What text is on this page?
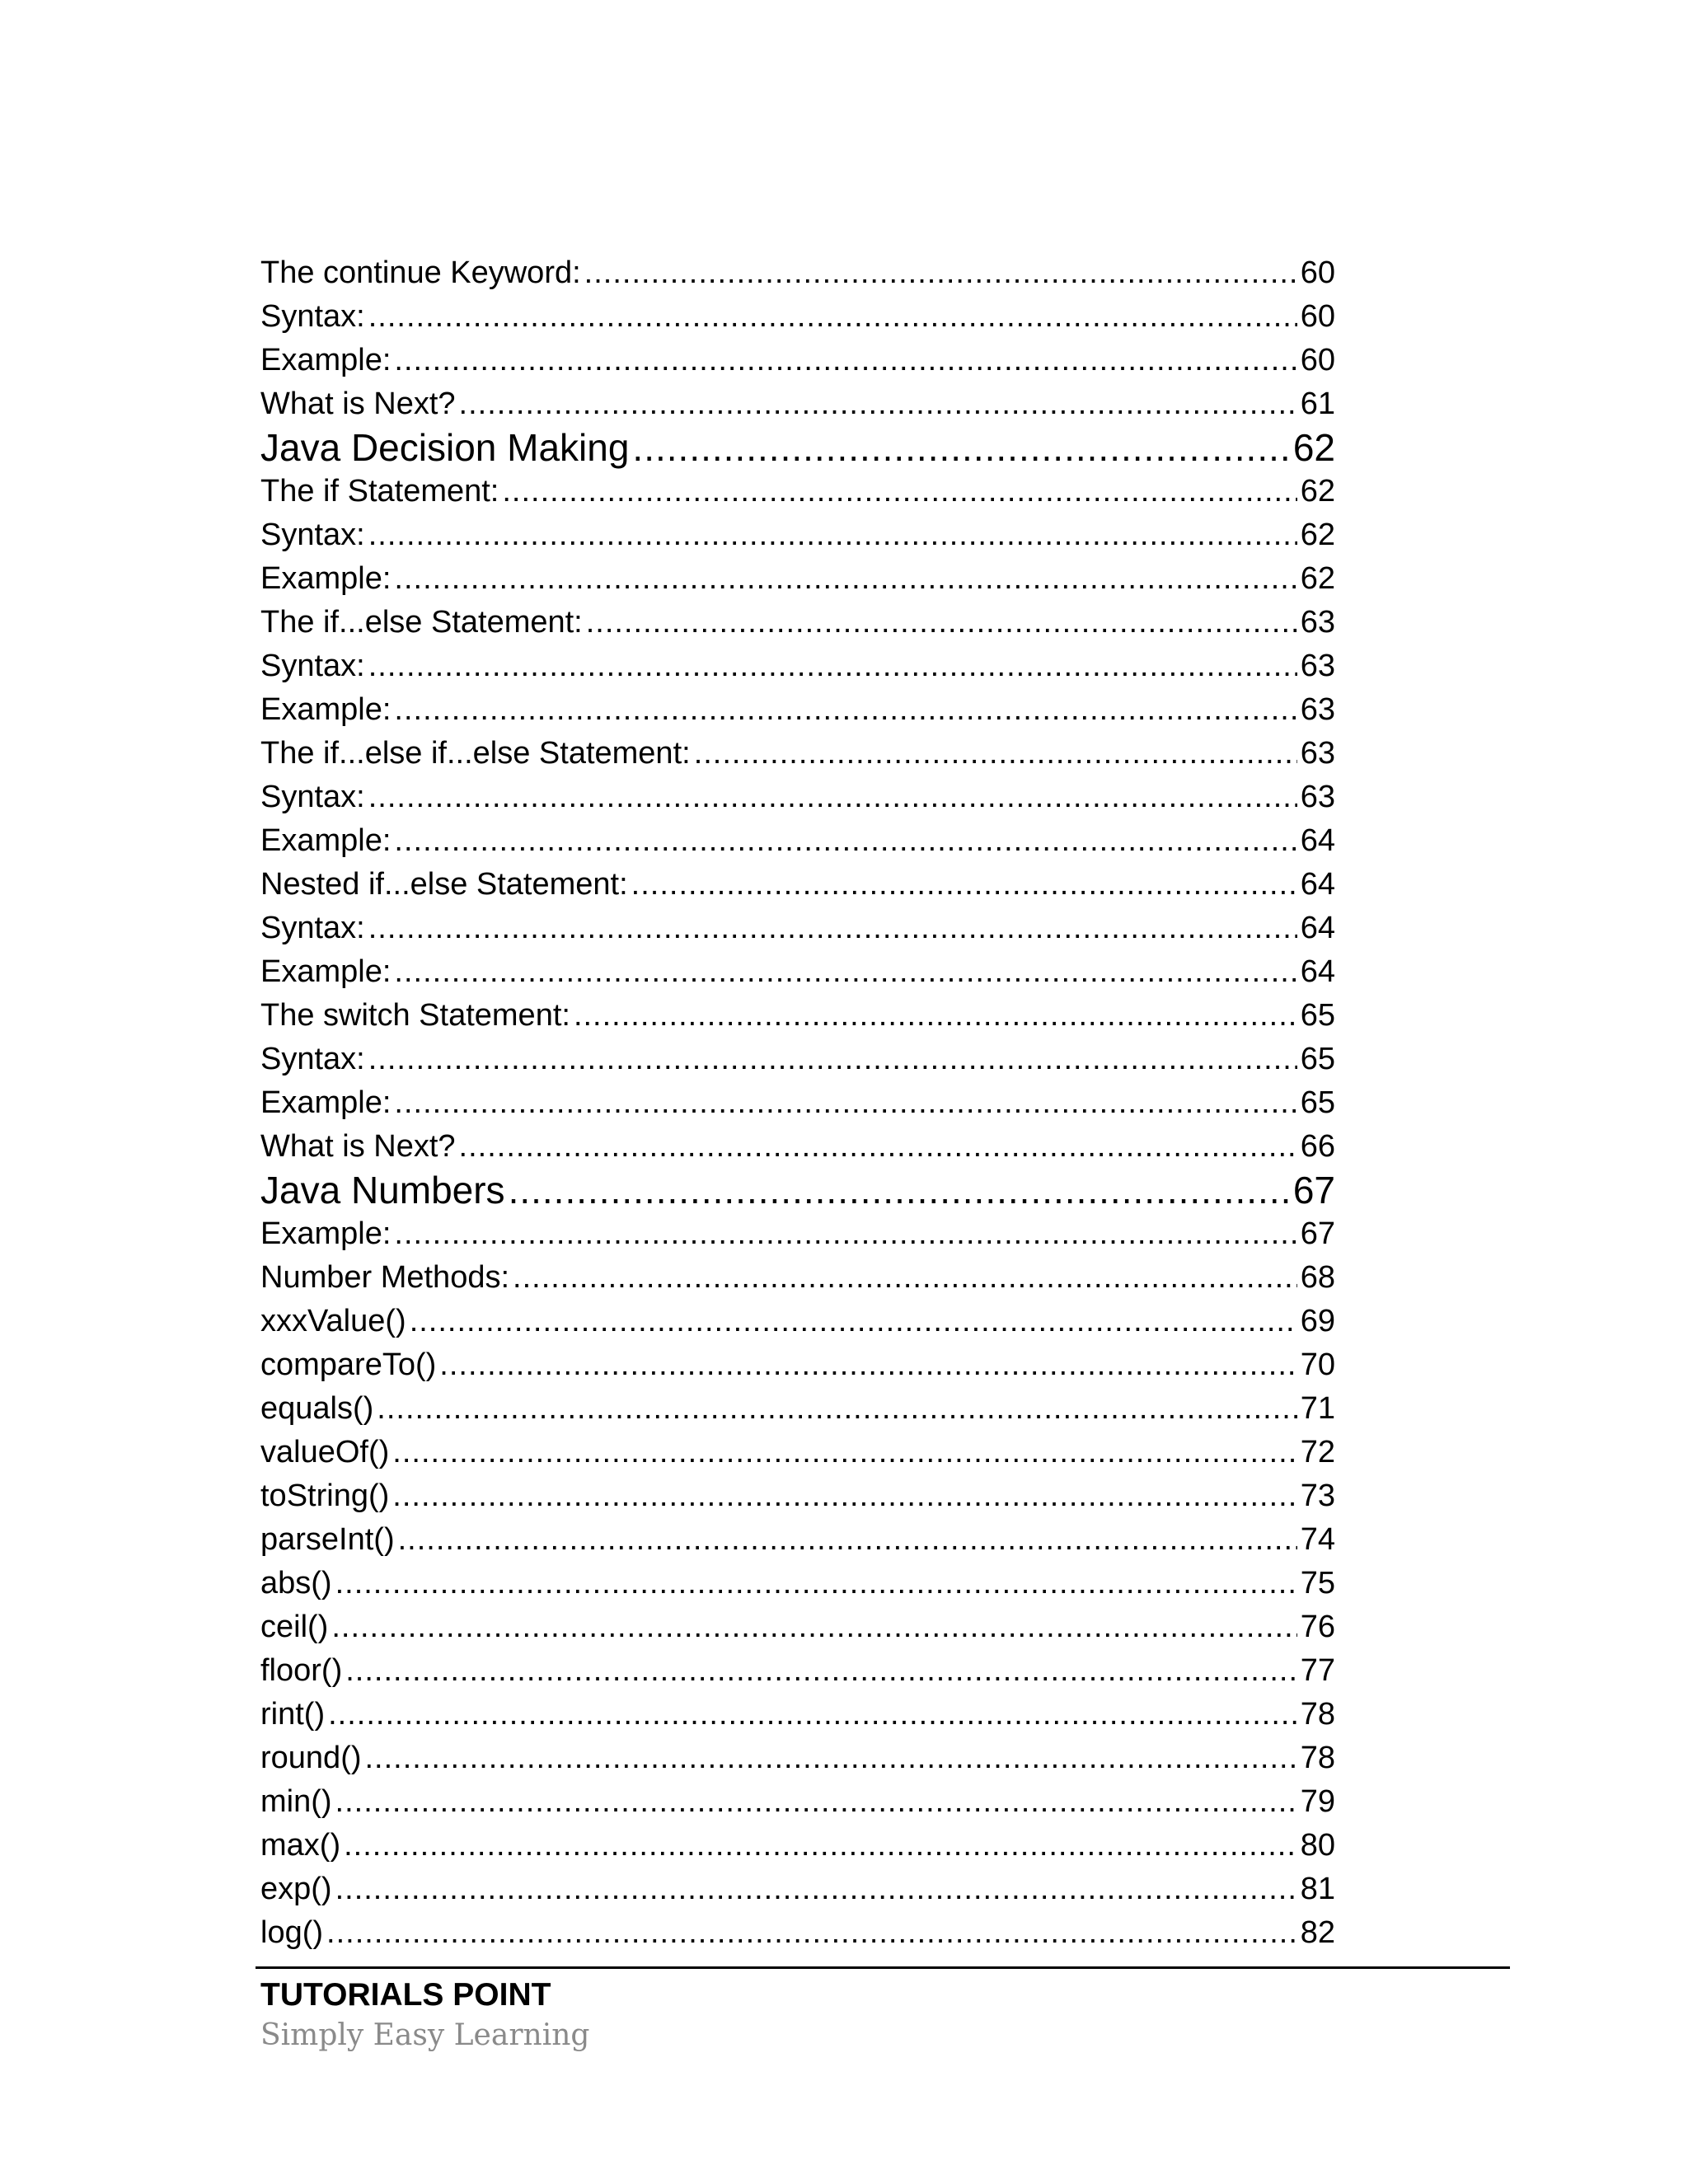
The continue Keyword: .....	60
Syntax: .....	60
Example: .....	60
What is Next? .....	61
Java Decision Making .....	62
The if Statement: .....	62
Syntax: .....	62
Example: .....	62
The if...else Statement: .....	63
Syntax: .....	63
Example: .....	63
The if...else if...else Statement: .....	63
Syntax: .....	63
Example: .....	64
Nested if...else Statement: .....	64
Syntax: .....	64
Example: .....	64
The switch Statement: .....	65
Syntax: .....	65
Example: .....	65
What is Next? .....	66
Java Numbers .....	67
Example: .....	67
Number Methods: .....	68
xxxValue() .....	69
compareTo() .....	70
equals() .....	71
valueOf() .....	72
toString() .....	73
parseInt() .....	74
abs() .....	75
ceil() .....	76
floor() .....	77
rint() .....	78
round() .....	78
min() .....	79
max() .....	80
exp() .....	81
log() .....	82
TUTORIALS POINT
Simply Easy Learning
